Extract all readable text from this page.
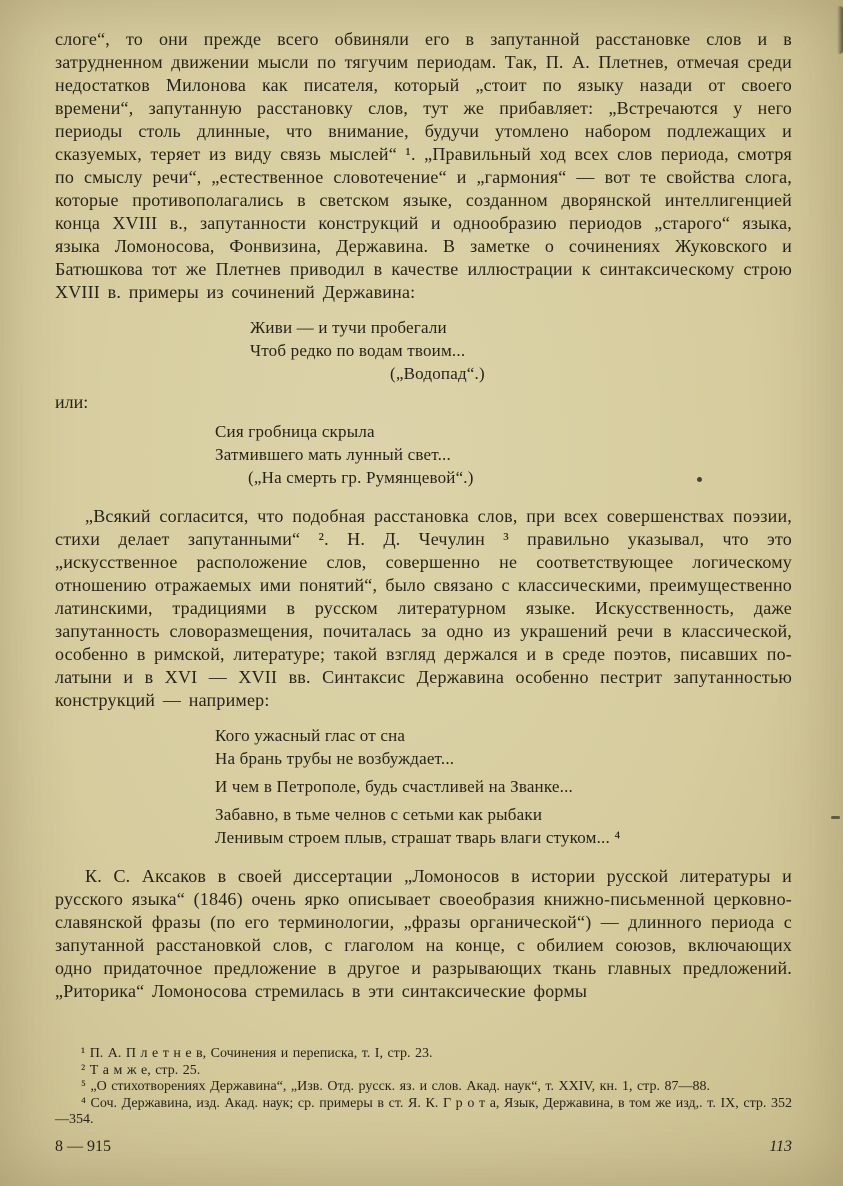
слоге“, то они прежде всего обвиняли его в запутанной расстановке слов и в затрудненном движении мысли по тягучим периодам. Так, П. А. Плетнев, отмечая среди недостатков Милонова как писателя, который „стоит по языку назади от своего времени“, запутанную расстановку слов, тут же прибавляет: „Встречаются у него периоды столь длинные, что внимание, будучи утомлено набором подлежащих и сказуемых, теряет из виду связь мыслей“ ¹. „Правильный ход всех слов периода, смотря по смыслу речи“, „естественное словотечение“ и „гармония“ — вот те свойства слога, которые противополагались в светском языке, созданном дворянской интеллигенцией конца XVIII в., запутанности конструкций и однообразию периодов „старого“ языка, языка Ломоносова, Фонвизина, Державина. В заметке о сочинениях Жуковского и Батюшкова тот же Плетнев приводил в качестве иллюстрации к синтаксическому строю XVIII в. примеры из сочинений Державина:

Живи — и тучи пробегали
Чтоб редко по водам твоим...
(„Водопад“.)

или:

Сия гробница скрыла
Затмившего мать лунный свет...
(„На смерть гр. Румянцевой“.)

„Всякий согласится, что подобная расстановка слов, при всех совершенствах поэзии, стихи делает запутанными“ ². Н. Д. Чечулин ³ правильно указывал, что это „искусственное расположение слов, совершенно не соответствующее логическому отношению отражаемых ими понятий“, было связано с классическими, преимущественно латинскими, традициями в русском литературном языке. Искусственность, даже запутанность словоразмещения, почиталась за одно из украшений речи в классической, особенно в римской, литературе; такой взгляд держался и в среде поэтов, писавших по-латыни и в XVI — XVII вв. Синтаксис Державина особенно пестрит запутанностью конструкций — например:

Кого ужасный глас от сна
На брань трубы не возбуждает...
И чем в Петрополе, будь счастливей на Званке...
Забавно, в тьме челнов с сетьми как рыбаки
Ленивым строем плыв, страшат тварь влаги стуком... ⁴

К. С. Аксаков в своей диссертации „Ломоносов в истории русской литературы и русского языка“ (1846) очень ярко описывает своеобразия книжно-письменной церковно-славянской фразы (по его терминологии, „фразы органической“) — длинного периода с запутанной расстановкой слов, с глаголом на конце, с обилием союзов, включающих одно придаточное предложение в другое и разрывающих ткань главных предложений. „Риторика“ Ломоносова стремилась в эти синтаксические формы

¹ П. А. П л е т н е в, Сочинения и переписка, т. I, стр. 23.

² Т а м ж е, стр. 25.

⁵ „О стихотворениях Державина“, „Изв. Отд. русск. яз. и слов. Акад. наук“, т. XXIV, кн. 1, стр. 87—88.

⁴ Соч. Державина, изд. Акад. наук; ср. примеры в ст. Я. К. Г р о т а, Язык, Державина, в том же изд,. т. IX, стр. 352—354.

8 — 915	113
